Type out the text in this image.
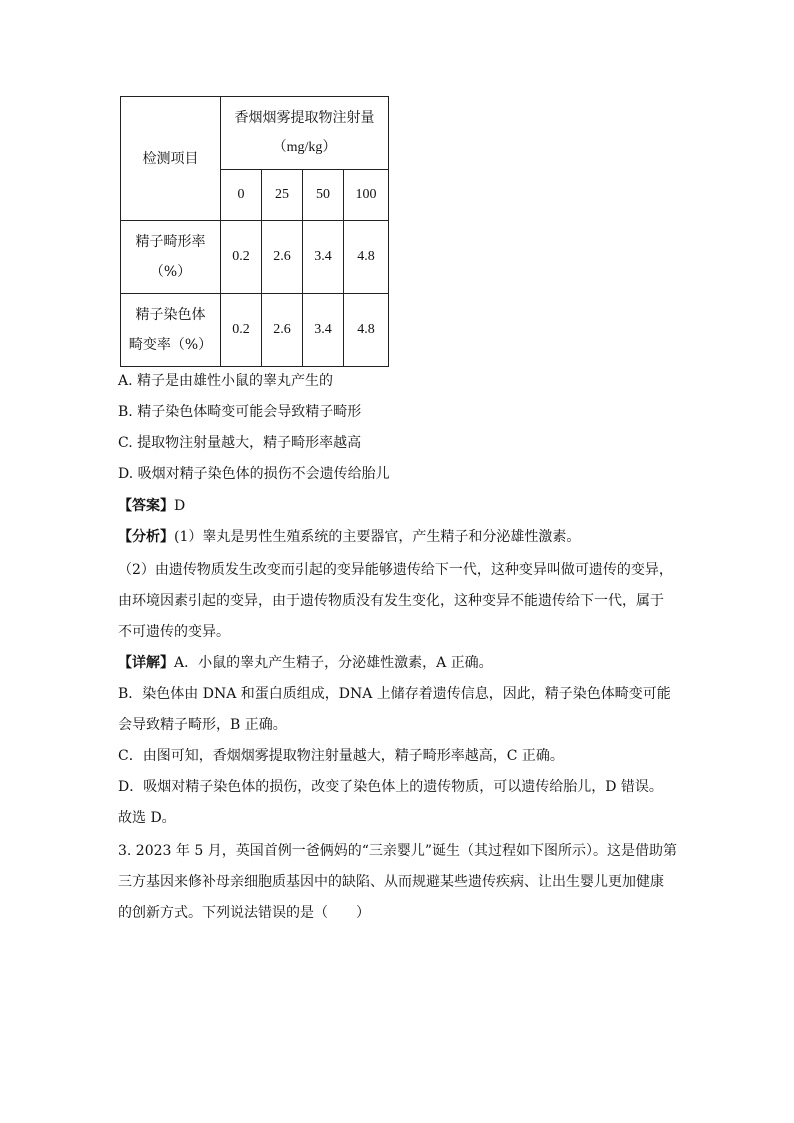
检测项目	香烟烟雾提取物注射量
（mg/kg）			

	0	25	50	100

精子畸形率
（%）	0.2	2.6	3.4	4.8

精子染色体
畸变率（%）	0.2	2.6	3.4	4.8
A. 精子是由雄性小鼠的睾丸产生的
B. 精子染色体畸变可能会导致精子畸形
C. 提取物注射量越大，精子畸形率越高
D. 吸烟对精子染色体的损伤不会遗传给胎儿
【答案】D
【分析】(1）睾丸是男性生殖系统的主要器官，产生精子和分泌雄性激素。
（2）由遗传物质发生改变而引起的变异能够遗传给下一代，这种变异叫做可遗传的变异，
由环境因素引起的变异，由于遗传物质没有发生变化，这种变异不能遗传给下一代，属于
不可遗传的变异。
【详解】A．小鼠的睾丸产生精子，分泌雄性激素，A 正确。
B．染色体由 DNA 和蛋白质组成，DNA 上储存着遗传信息，因此，精子染色体畸变可能
会导致精子畸形，B 正确。
C．由图可知，香烟烟雾提取物注射量越大，精子畸形率越高，C 正确。
D．吸烟对精子染色体的损伤，改变了染色体上的遗传物质，可以遗传给胎儿，D 错误。
故选 D。
3. 2023 年 5 月，英国首例一爸俩妈的“三亲婴儿”诞生（其过程如下图所示）。这是借助第
三方基因来修补母亲细胞质基因中的缺陷、从而规避某些遗传疾病、让出生婴儿更加健康
的创新方式。下列说法错误的是（　　）
